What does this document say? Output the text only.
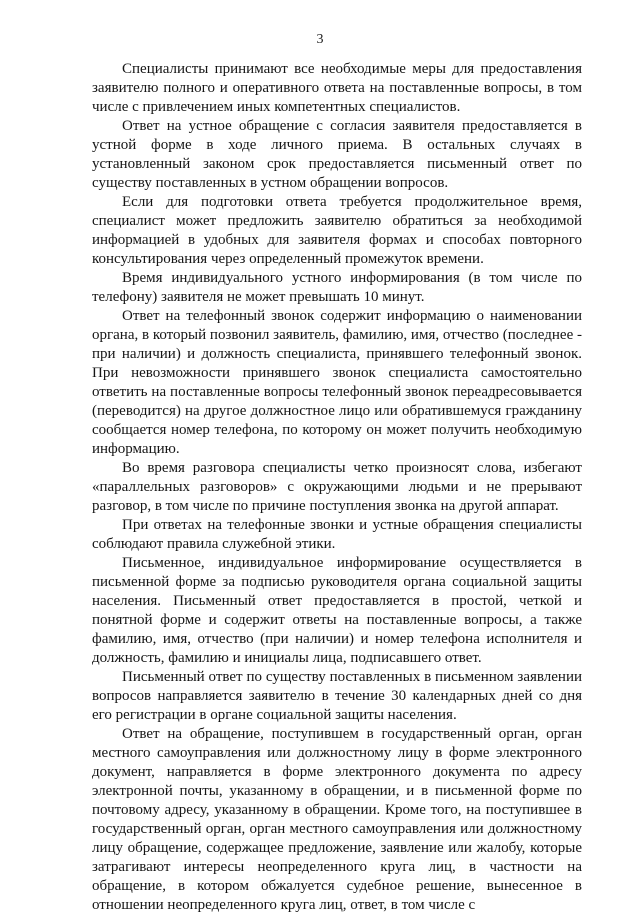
3

Специалисты принимают все необходимые меры для предоставления заявителю полного и оперативного ответа на поставленные вопросы, в том числе с привлечением иных компетентных специалистов.

Ответ на устное обращение с согласия заявителя предоставляется в устной форме в ходе личного приема. В остальных случаях в установленный законом срок предоставляется письменный ответ по существу поставленных в устном обращении вопросов.

Если для подготовки ответа требуется продолжительное время, специалист может предложить заявителю обратиться за необходимой информацией в удобных для заявителя формах и способах повторного консультирования через определенный промежуток времени.

Время индивидуального устного информирования (в том числе по телефону) заявителя не может превышать 10 минут.

Ответ на телефонный звонок содержит информацию о наименовании органа, в который позвонил заявитель, фамилию, имя, отчество (последнее - при наличии) и должность специалиста, принявшего телефонный звонок. При невозможности принявшего звонок специалиста самостоятельно ответить на поставленные вопросы телефонный звонок переадресовывается (переводится) на другое должностное лицо или обратившемуся гражданину сообщается номер телефона, по которому он может получить необходимую информацию.

Во время разговора специалисты четко произносят слова, избегают «параллельных разговоров» с окружающими людьми и не прерывают разговор, в том числе по причине поступления звонка на другой аппарат.

При ответах на телефонные звонки и устные обращения специалисты соблюдают правила служебной этики.

Письменное, индивидуальное информирование осуществляется в письменной форме за подписью руководителя органа социальной защиты населения. Письменный ответ предоставляется в простой, четкой и понятной форме и содержит ответы на поставленные вопросы, а также фамилию, имя, отчество (при наличии) и номер телефона исполнителя и должность, фамилию и инициалы лица, подписавшего ответ.

Письменный ответ по существу поставленных в письменном заявлении вопросов направляется заявителю в течение 30 календарных дней со дня его регистрации в органе социальной защиты населения.

Ответ на обращение, поступившем в государственный орган, орган местного самоуправления или должностному лицу в форме электронного документ, направляется в форме электронного документа по адресу электронной почты, указанному в обращении, и в письменной форме по почтовому адресу, указанному в обращении. Кроме того, на поступившее в государственный орган, орган местного самоуправления или должностному лицу обращение, содержащее предложение, заявление или жалобу, которые затрагивают интересы неопределенного круга лиц, в частности на обращение, в котором обжалуется судебное решение, вынесенное в отношении неопределенного круга лиц, ответ, в том числе с
